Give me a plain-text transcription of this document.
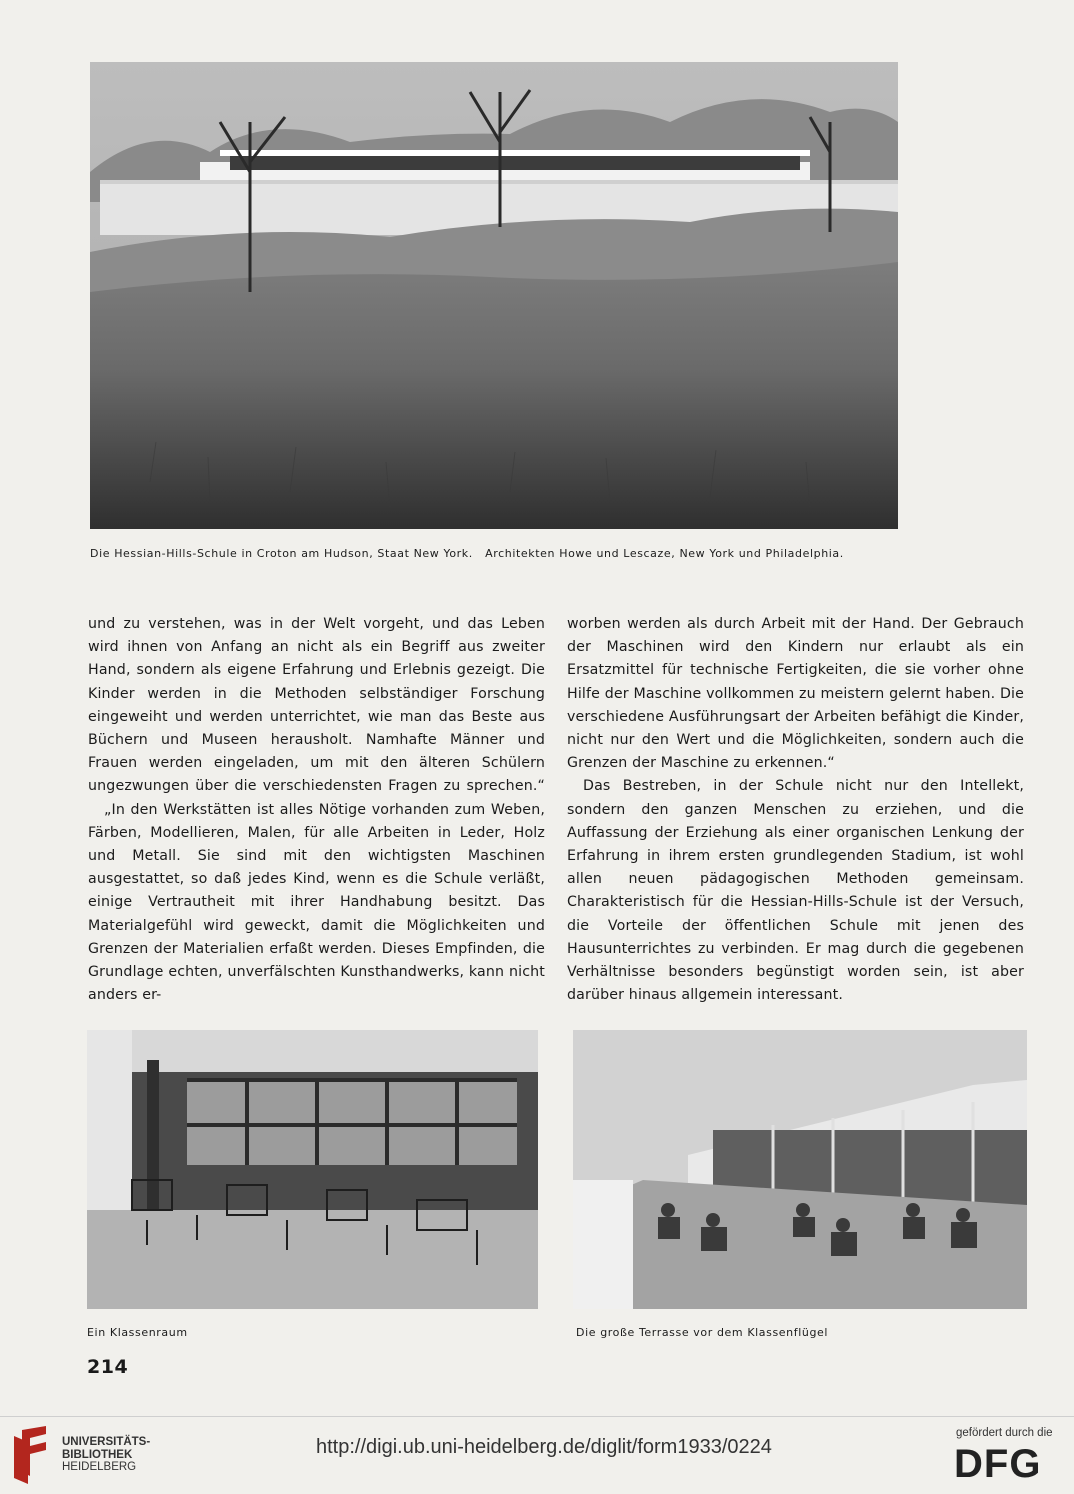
Die Hessian-Hills-Schule in Croton am Hudson, Staat New York.   Architekten Howe und Lescaze, New York und Philadelphia.

und zu verstehen, was in der Welt vorgeht, und das Leben wird ihnen von Anfang an nicht als ein Begriff aus zweiter Hand, sondern als eigene Erfahrung und Erlebnis gezeigt. Die Kinder werden in die Methoden selbständiger Forschung eingeweiht und werden unterrichtet, wie man das Beste aus Büchern und Museen herausholt. Namhafte Männer und Frauen werden eingeladen, um mit den älteren Schülern ungezwungen über die verschiedensten Fragen zu sprechen.“

„In den Werkstätten ist alles Nötige vorhanden zum Weben, Färben, Modellieren, Malen, für alle Arbeiten in Leder, Holz und Metall. Sie sind mit den wichtigsten Maschinen ausgestattet, so daß jedes Kind, wenn es die Schule verläßt, einige Vertrautheit mit ihrer Handhabung besitzt. Das Materialgefühl wird geweckt, damit die Möglichkeiten und Grenzen der Materialien erfaßt werden. Dieses Empfinden, die Grundlage echten, unverfälschten Kunsthandwerks, kann nicht anders er-

worben werden als durch Arbeit mit der Hand. Der Gebrauch der Maschinen wird den Kindern nur erlaubt als ein Ersatzmittel für technische Fertigkeiten, die sie vorher ohne Hilfe der Maschine vollkommen zu meistern gelernt haben. Die verschiedene Ausführungsart der Arbeiten befähigt die Kinder, nicht nur den Wert und die Möglichkeiten, sondern auch die Grenzen der Maschine zu erkennen.“

Das Bestreben, in der Schule nicht nur den Intellekt, sondern den ganzen Menschen zu erziehen, und die Auffassung der Erziehung als einer organischen Lenkung der Erfahrung in ihrem ersten grundlegenden Stadium, ist wohl allen neuen pädagogischen Methoden gemeinsam. Charakteristisch für die Hessian-Hills-Schule ist der Versuch, die Vorteile der öffentlichen Schule mit jenen des Hausunterrichtes zu verbinden. Er mag durch die gegebenen Verhältnisse besonders begünstigt worden sein, ist aber darüber hinaus allgemein interessant.

Ein Klassenraum	Die große Terrasse vor dem Klassenflügel
214
UNIVERSITÄTS-
BIBLIOTHEK
HEIDELBERG
http://digi.ub.uni-heidelberg.de/diglit/form1933/0224
gefördert durch die
DFG
